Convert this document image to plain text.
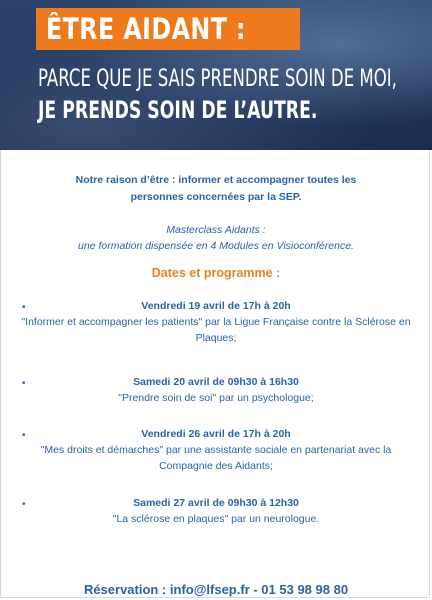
ÊTRE AIDANT :
PARCE QUE JE SAIS PRENDRE SOIN DE MOI,
JE PRENDS SOIN DE L’AUTRE.
Notre raison d’être : informer et accompagner toutes les
personnes concernées par la SEP.
Masterclass Aidants :
une formation dispensée en 4 Modules en Visioconférence.
Dates et programme :
•	Vendredi 19 avril de 17h à 20h
"Informer et accompagner les patients" par la Ligue Française contre la Sclérose en
Plaques;
•	Samedi 20 avril de 09h30 à 16h30
"Prendre soin de soi" par un psychologue;
•	Vendredi 26 avril de 17h à 20h
"Mes droits et démarches" par une assistante sociale en partenariat avec la
Compagnie des Aidants;
•	Samedi 27 avril de 09h30 à 12h30
"La sclérose en plaques" par un neurologue.
Réservation : info@lfsep.fr - 01 53 98 98 80
